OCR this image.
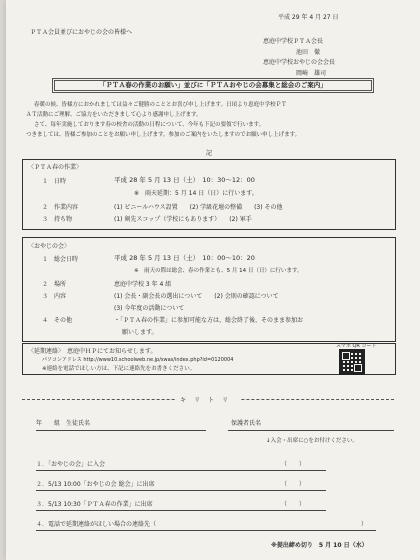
平成 29 年 4 月 27 日
ＰＴＡ会員並びにおやじの会の皆様へ
恵庭中学校ＰＴＡ会長
池田　徹
恵庭中学校おやじの会会長
岡崎　雄司
「ＰＴＡ春の作業のお願い」並びに「ＰＴＡおやじの会募集と総会のご案内」
春暖の候、皆様方におかれましては益々ご健勝のこととお喜び申し上げます。日頃より恵庭中学校ＰＴ
ＡＴ活動にご理解、ご協力をいただきまして心より感謝申し上げます。
さて、毎年実施しております春の校舎の活動の日程について、今年も下記の要領で行います。
つきましては、皆様ご参加のことをお願い申し上げます。参加のご案内をいたしますのでお願い申し上げます。
記
〈ＰＴＡ春の作業〉
１ 日時	平成 28 年 5 月 13 日（土）　10：30～12：00
※　雨天延期：5 月 14 日（日）に行います。
２ 作業内容	(1) ビニールハウス設置　　(2) 学級花壇の整備　　(3) その他
３ 持ち物	(1) 剣先スコップ（学校にもあります）　　(2) 軍手
〈おやじの会〉
１ 総会日時	平成 28 年 5 月 13 日（土）　10：00～10：20
※　雨天の際は総会、春の作業とも、5 月 14 日（日）に行います。
２ 場所	恵庭中学校 3 年 4 組
３ 内容	(1) 会長・副会長の選出について　　(2) 会則の確認について
(3) 今年度の活動について
４ その他	・「ＰＴＡ春の作業」に参加可能な方は、総会終了後、そのまま参加お
願いします。
〈延期連絡〉　恵庭中ＨＰにてお知らせします。
パソコンアドレス http://www10.schoolweb.ne.jp/swas/index.php?id=0120004
※連絡を電話でほしい方は、下記に連絡先をお書きください。
スマホ QR コード
キリトリ
年　　組　生徒氏名	保護者氏名
↓入会・出席に○をお付けください。
１．「おやじの会」に入会	（　　）
２．5/13 10:00「おやじの会 総会」に出席	（　　）
３．5/13 10:30「ＰＴＡ春の作業」に出席	（　　）
４．電話で延期連絡がほしい場合の連絡先（	）
※提出締め切り　5 月 10 日（水）
